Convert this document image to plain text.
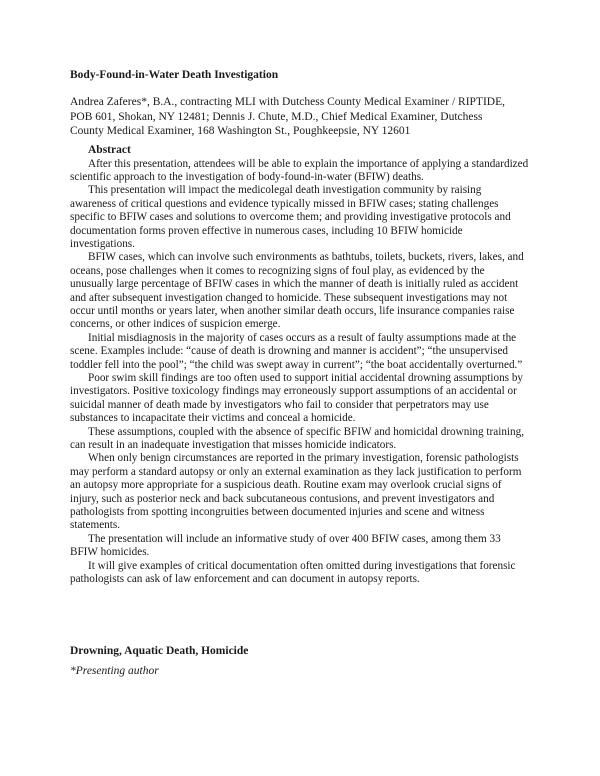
Body-Found-in-Water Death Investigation
Andrea Zaferes*, B.A., contracting MLI with Dutchess County Medical Examiner / RIPTIDE, POB 601, Shokan, NY 12481; Dennis J. Chute, M.D., Chief Medical Examiner, Dutchess County Medical Examiner, 168 Washington St., Poughkeepsie, NY 12601
Abstract

After this presentation, attendees will be able to explain the importance of applying a standardized scientific approach to the investigation of body-found-in-water (BFIW) deaths.

This presentation will impact the medicolegal death investigation community by raising awareness of critical questions and evidence typically missed in BFIW cases; stating challenges specific to BFIW cases and solutions to overcome them; and providing investigative protocols and documentation forms proven effective in numerous cases, including 10 BFIW homicide investigations.

BFIW cases, which can involve such environments as bathtubs, toilets, buckets, rivers, lakes, and oceans, pose challenges when it comes to recognizing signs of foul play, as evidenced by the unusually large percentage of BFIW cases in which the manner of death is initially ruled as accident and after subsequent investigation changed to homicide. These subsequent investigations may not occur until months or years later, when another similar death occurs, life insurance companies raise concerns, or other indices of suspicion emerge.

Initial misdiagnosis in the majority of cases occurs as a result of faulty assumptions made at the scene. Examples include: “cause of death is drowning and manner is accident”; “the unsupervised toddler fell into the pool”; “the child was swept away in current”; “the boat accidentally overturned.”

Poor swim skill findings are too often used to support initial accidental drowning assumptions by investigators. Positive toxicology findings may erroneously support assumptions of an accidental or suicidal manner of death made by investigators who fail to consider that perpetrators may use substances to incapacitate their victims and conceal a homicide.

These assumptions, coupled with the absence of specific BFIW and homicidal drowning training, can result in an inadequate investigation that misses homicide indicators.

When only benign circumstances are reported in the primary investigation, forensic pathologists may perform a standard autopsy or only an external examination as they lack justification to perform an autopsy more appropriate for a suspicious death. Routine exam may overlook crucial signs of injury, such as posterior neck and back subcutaneous contusions, and prevent investigators and pathologists from spotting incongruities between documented injuries and scene and witness statements.

The presentation will include an informative study of over 400 BFIW cases, among them 33 BFIW homicides.

It will give examples of critical documentation often omitted during investigations that forensic pathologists can ask of law enforcement and can document in autopsy reports.

Drowning, Aquatic Death, Homicide
*Presenting author
